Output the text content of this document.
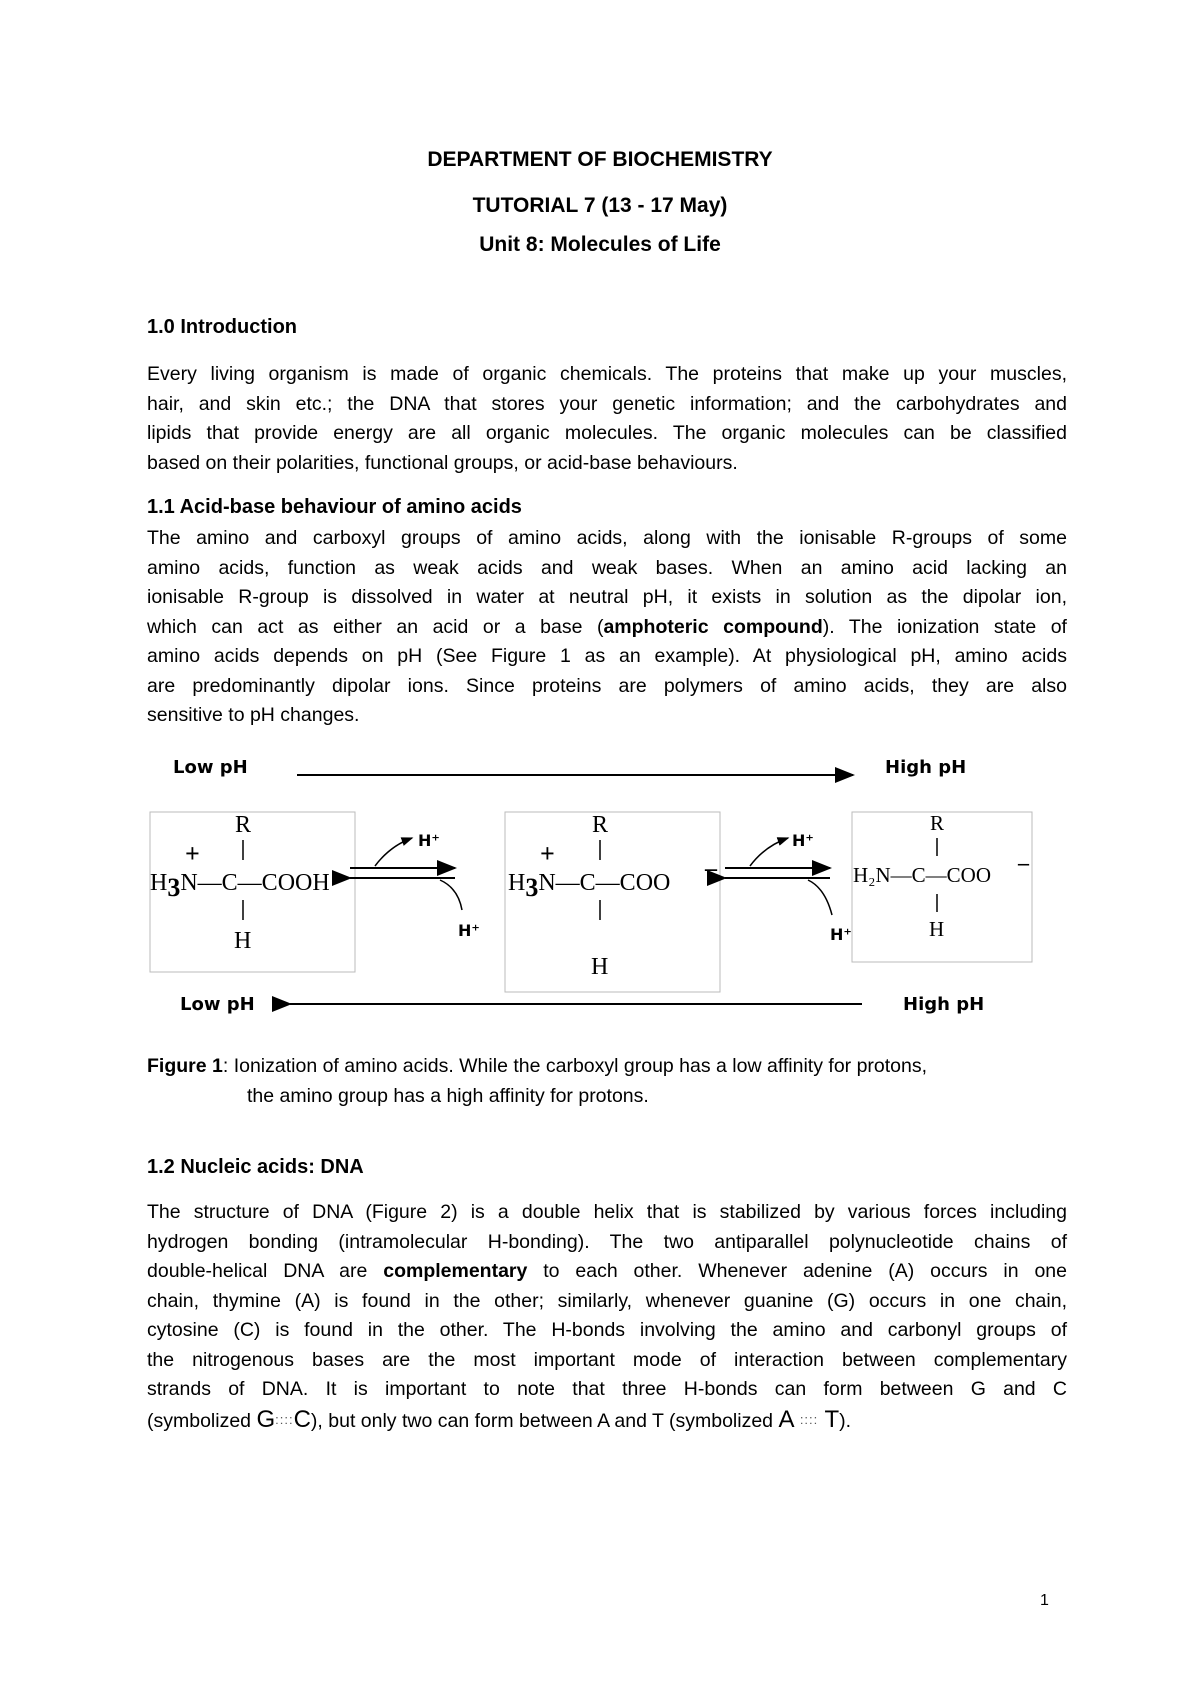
DEPARTMENT OF BIOCHEMISTRY
TUTORIAL 7 (13 - 17 May)
Unit 8: Molecules of Life
1.0 Introduction
Every living organism is made of organic chemicals. The proteins that make up your muscles,
hair, and skin etc.; the DNA that stores your genetic information; and the carbohydrates and
lipids that provide energy are all organic molecules. The organic molecules can be classified
based on their polarities, functional groups, or acid-base behaviours.
1.1 Acid-base behaviour of amino acids
The amino and carboxyl groups of amino acids, along with the ionisable R-groups of some
amino acids, function as weak acids and weak bases. When an amino acid lacking an
ionisable R-group is dissolved in water at neutral pH, it exists in solution as the dipolar ion,
which can act as either an acid or a base (amphoteric compound). The ionization state of
amino acids depends on pH (See Figure 1 as an example). At physiological pH, amino acids
are predominantly dipolar ions. Since proteins are polymers of amino acids, they are also
sensitive to pH changes.
Low pH	High pH
R
+
H3N—C—COOH
H
H⁺
H⁺
R
+
H3N—C—COO
–
H
H⁺
H⁺
R
H₂N—C—COO –
H
Low pH	High pH
Figure 1: Ionization of amino acids. While the carboxyl group has a low affinity for protons,
the amino group has a high affinity for protons.
1.2 Nucleic acids: DNA
The structure of DNA (Figure 2) is a double helix that is stabilized by various forces including
hydrogen bonding (intramolecular H-bonding). The two antiparallel polynucleotide chains of
double-helical DNA are complementary to each other. Whenever adenine (A) occurs in one
chain, thymine (A) is found in the other; similarly, whenever guanine (G) occurs in one chain,
cytosine (C) is found in the other. The H-bonds involving the amino and carbonyl groups of
the nitrogenous bases are the most important mode of interaction between complementary
strands of DNA. It is important to note that three H-bonds can form between G and C
(symbolized G::::C), but only two can form between A and T (symbolized A :::: T).
1
